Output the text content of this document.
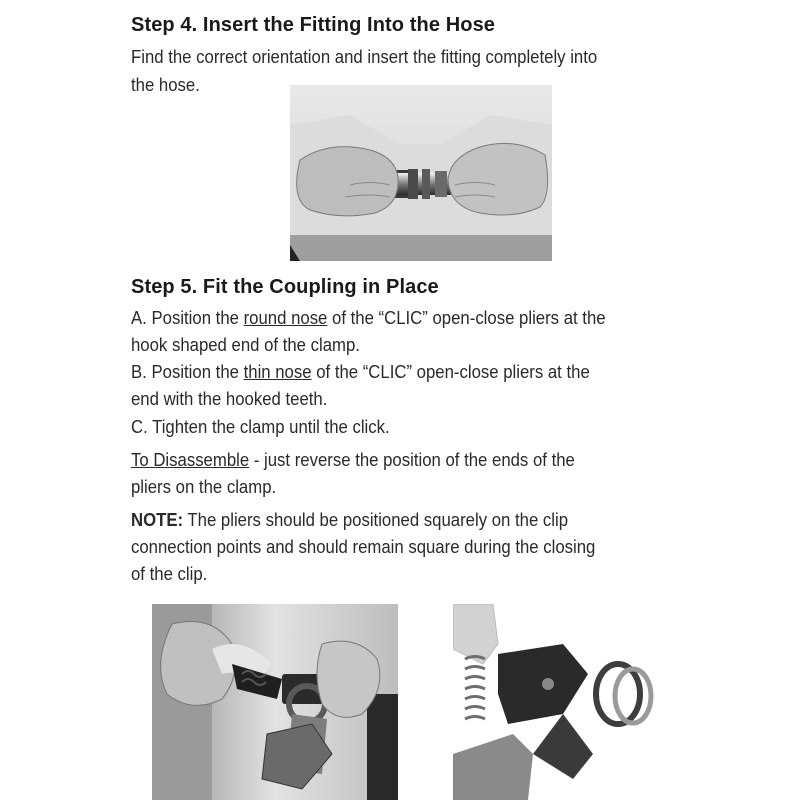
Step 4. Insert the Fitting Into the Hose

Find the correct orientation and insert the fitting completely into

the hose.

Step 5. Fit the Coupling in Place

A. Position the round nose of the “CLIC” open-close pliers at the

hook shaped end of the clamp.

B. Position the thin nose of the “CLIC” open-close pliers at the

end with the hooked teeth.

C. Tighten the clamp until the click.

To Disassemble - just reverse the position of the ends of the

pliers on the clamp.

NOTE: The pliers should be positioned squarely on the clip

connection points and should remain square during the closing

of the clip.
